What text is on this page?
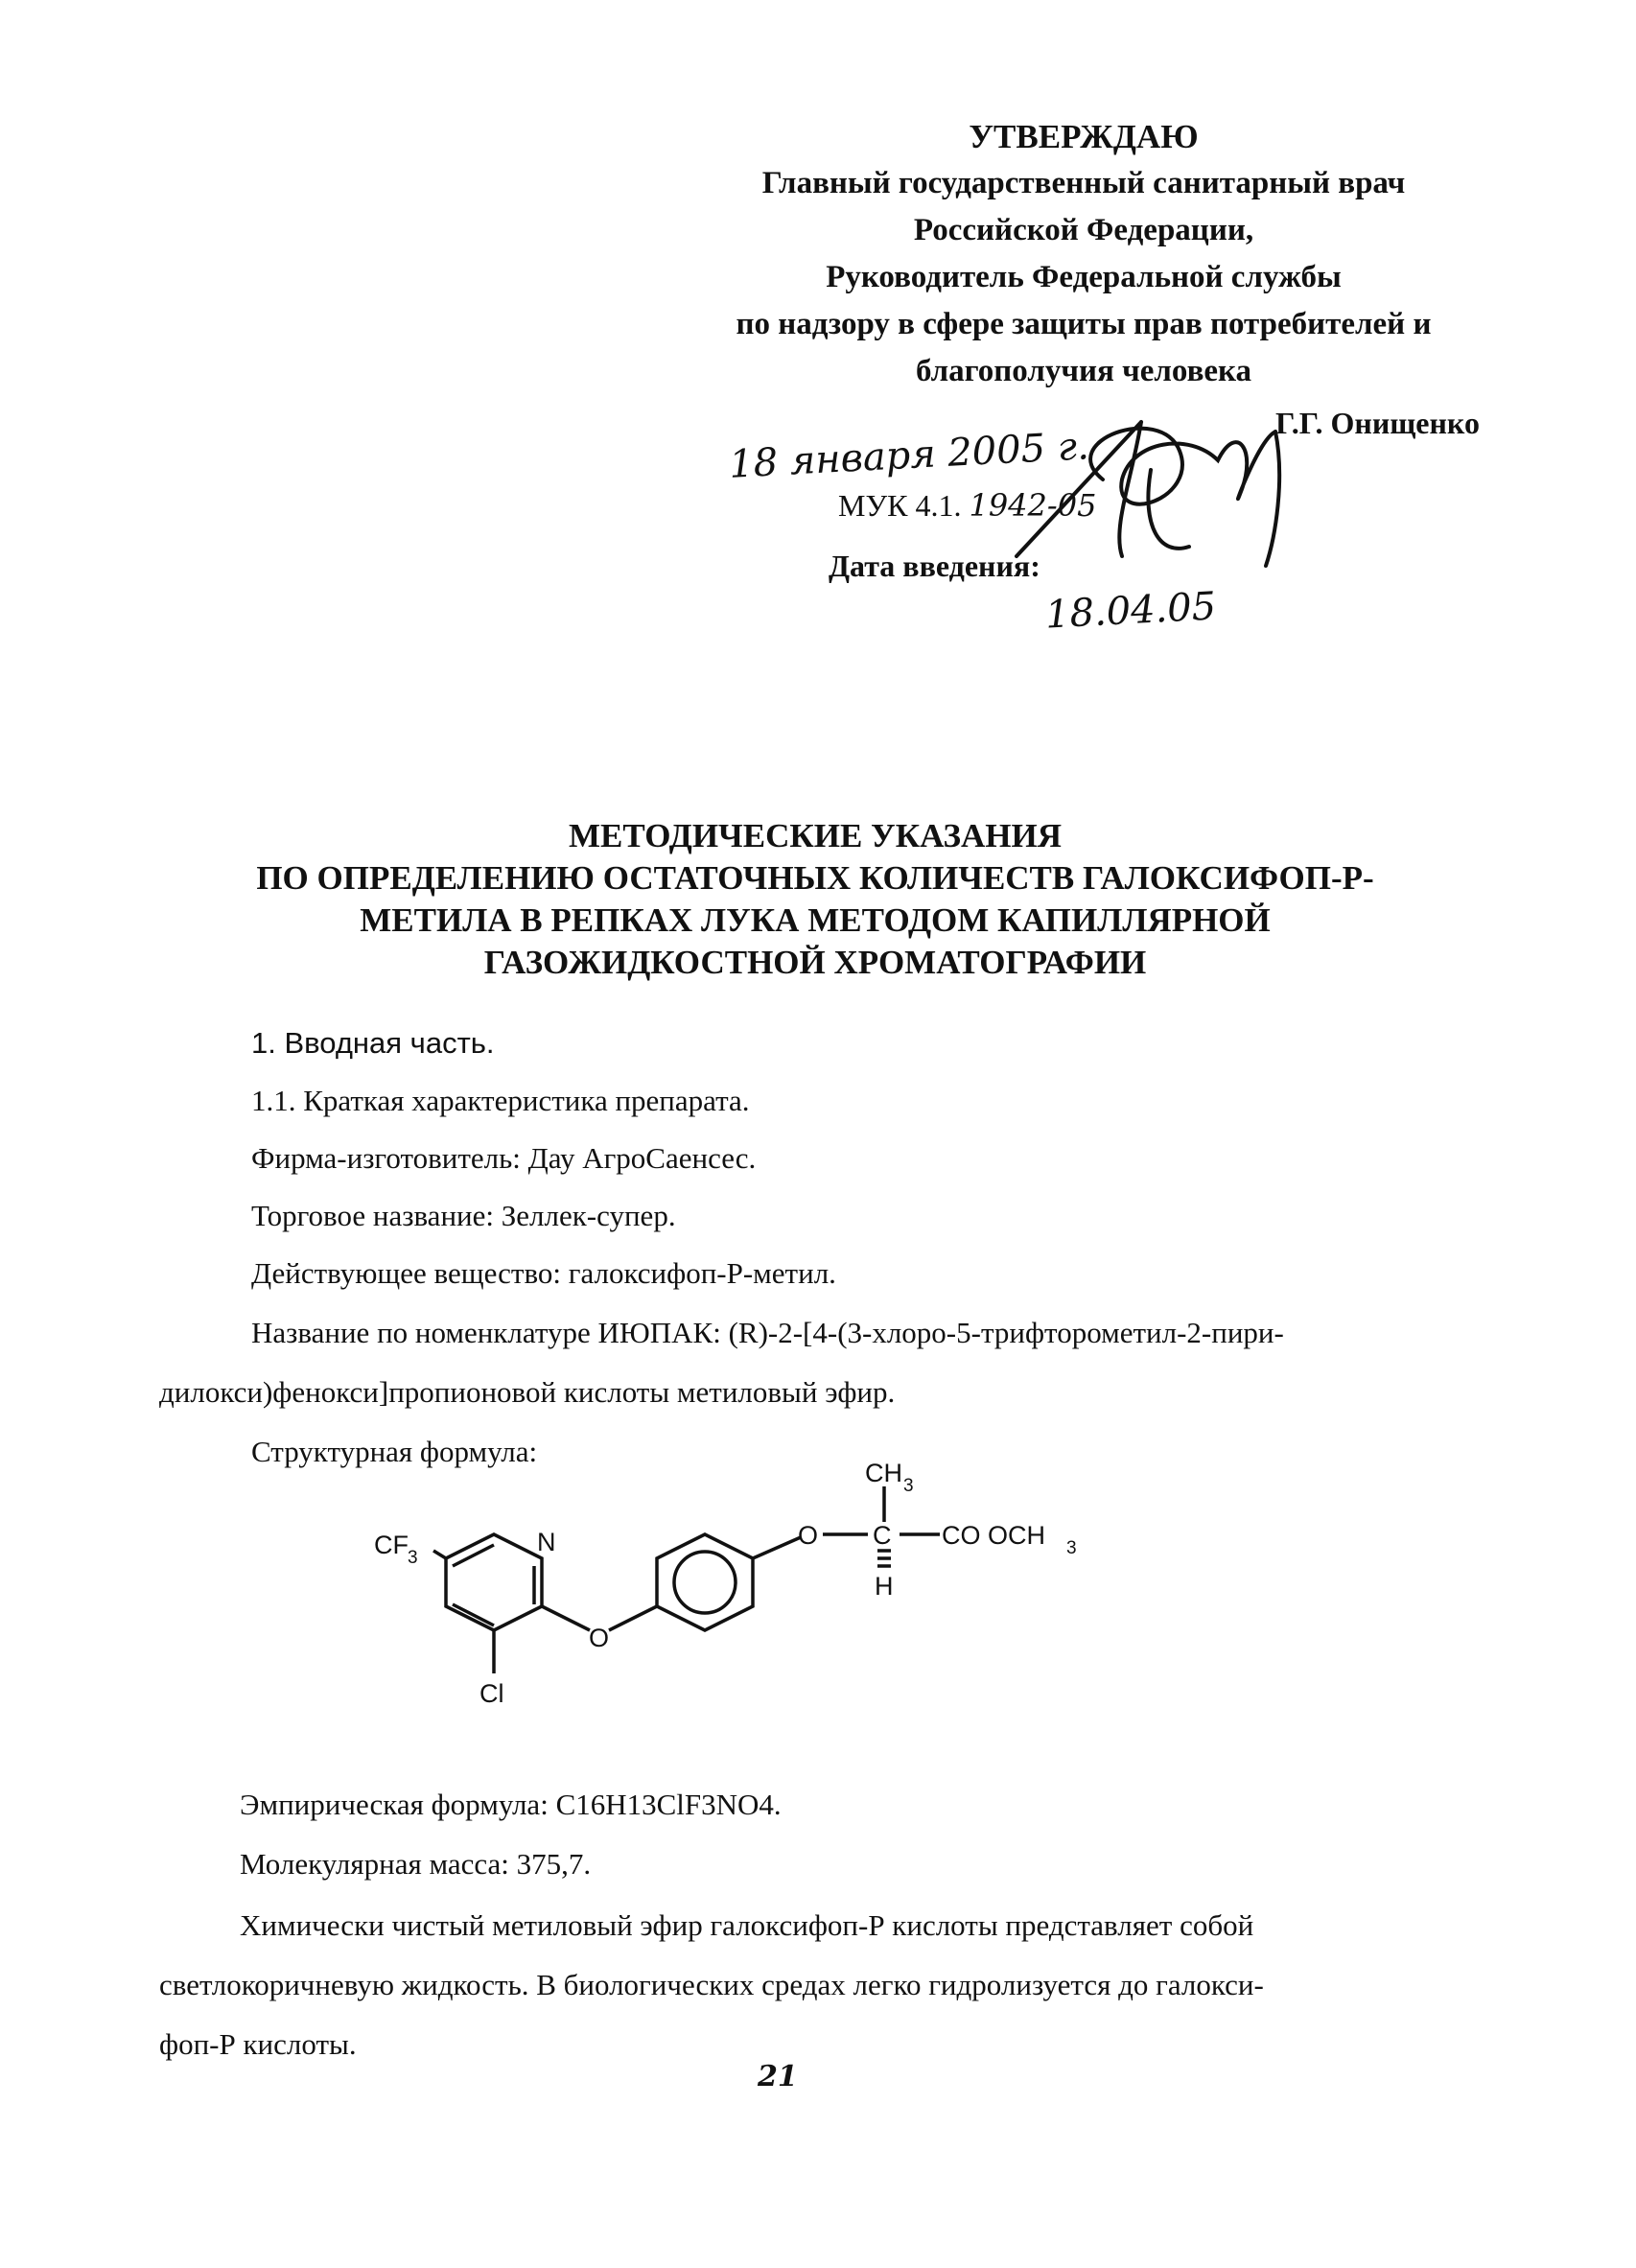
УТВЕРЖДАЮ
Главный государственный санитарный врач
Российской Федерации,
Руководитель Федеральной службы
по надзору в сфере защиты прав потребителей и
благополучия человека
Г.Г. Онищенко
18 января 2005 г.
МУК 4.1. 1942-05
Дата введения:
18.04.05
МЕТОДИЧЕСКИЕ УКАЗАНИЯ
ПО ОПРЕДЕЛЕНИЮ ОСТАТОЧНЫХ КОЛИЧЕСТВ ГАЛОКСИФОП-Р-
МЕТИЛА В РЕПКАХ ЛУКА МЕТОДОМ КАПИЛЛЯРНОЙ
ГАЗОЖИДКОСТНОЙ ХРОМАТОГРАФИИ
1. Вводная часть.
1.1. Краткая характеристика препарата.
Фирма-изготовитель: Дау АгроСаенсес.
Торговое название: Зеллек-супер.
Действующее вещество: галоксифоп-Р-метил.
Название по номенклатуре ИЮПАК: (R)-2-[4-(3-хлоро-5-трифторометил-2-пири-
дилокси)фенокси]пропионовой кислоты метиловый эфир.
Структурная формула:
CF 3
N
O
Cl
O C
CH 3
CO OCH 3
H
Эмпирическая формула: C16H13ClF3NO4.
Молекулярная масса: 375,7.
Химически чистый метиловый эфир галоксифоп-Р кислоты представляет собой
светлокоричневую жидкость. В биологических средах легко гидролизуется до галокси-
фоп-Р кислоты.
21
